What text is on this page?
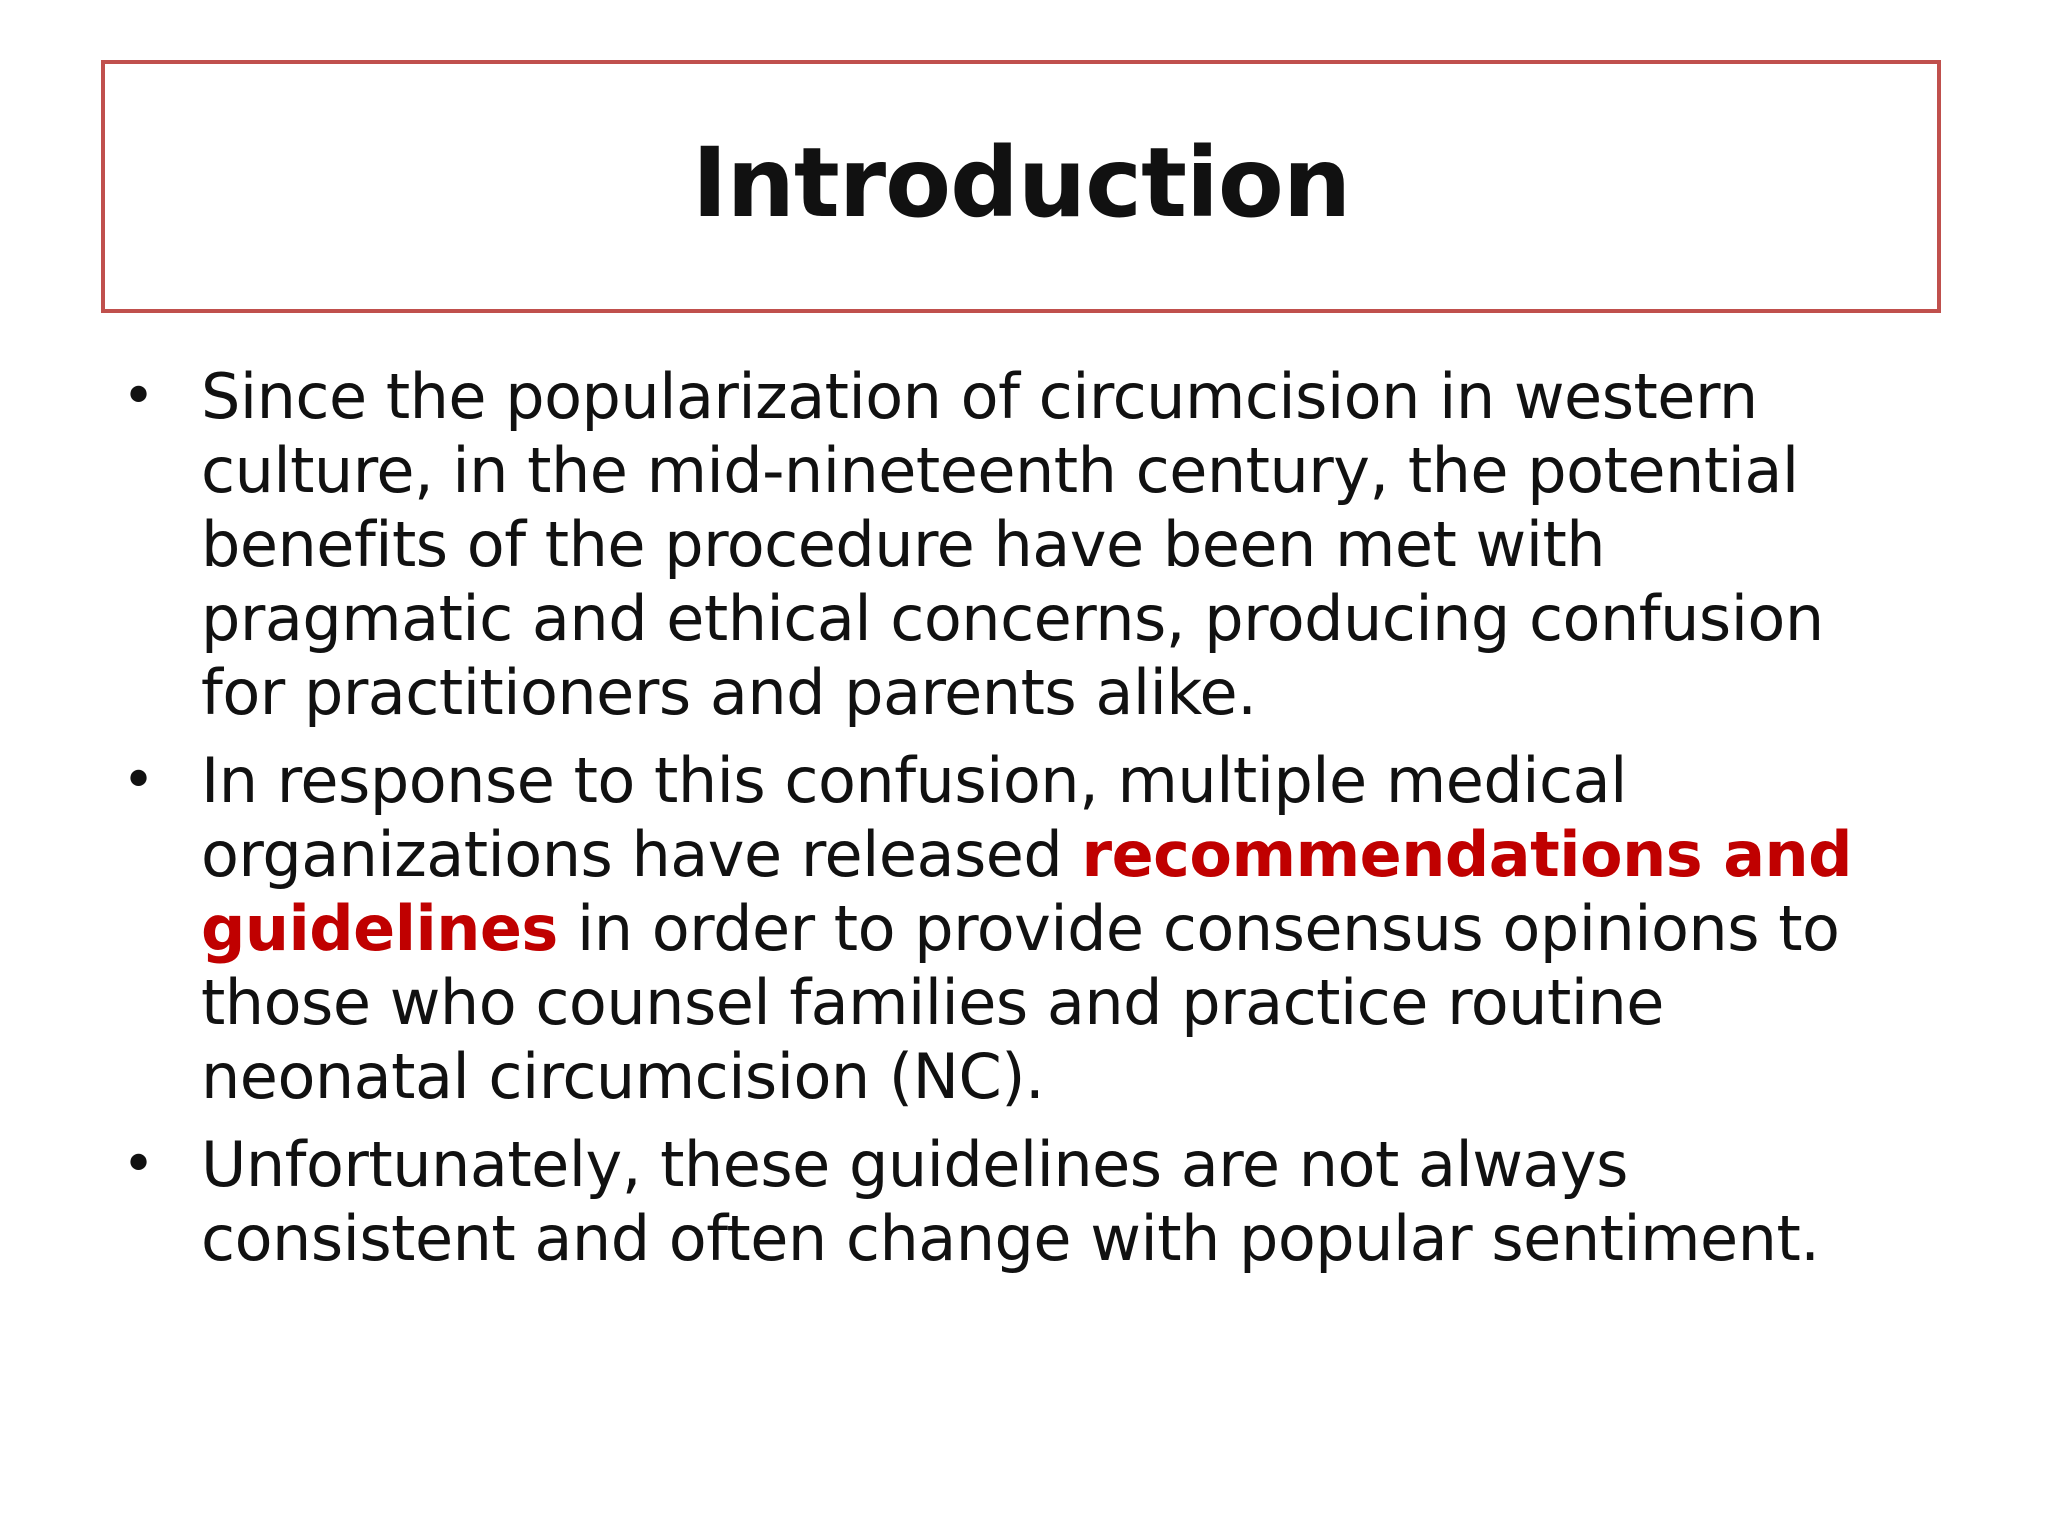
Introduction
• Since the popularization of circumcision in western culture, in the mid-nineteenth century, the potential benefits of the procedure have been met with pragmatic and ethical concerns, producing confusion for practitioners and parents alike.
• In response to this confusion, multiple medical organizations have released recommendations and guidelines in order to provide consensus opinions to those who counsel families and practice routine neonatal circumcision (NC).
• Unfortunately, these guidelines are not always consistent and often change with popular sentiment.
